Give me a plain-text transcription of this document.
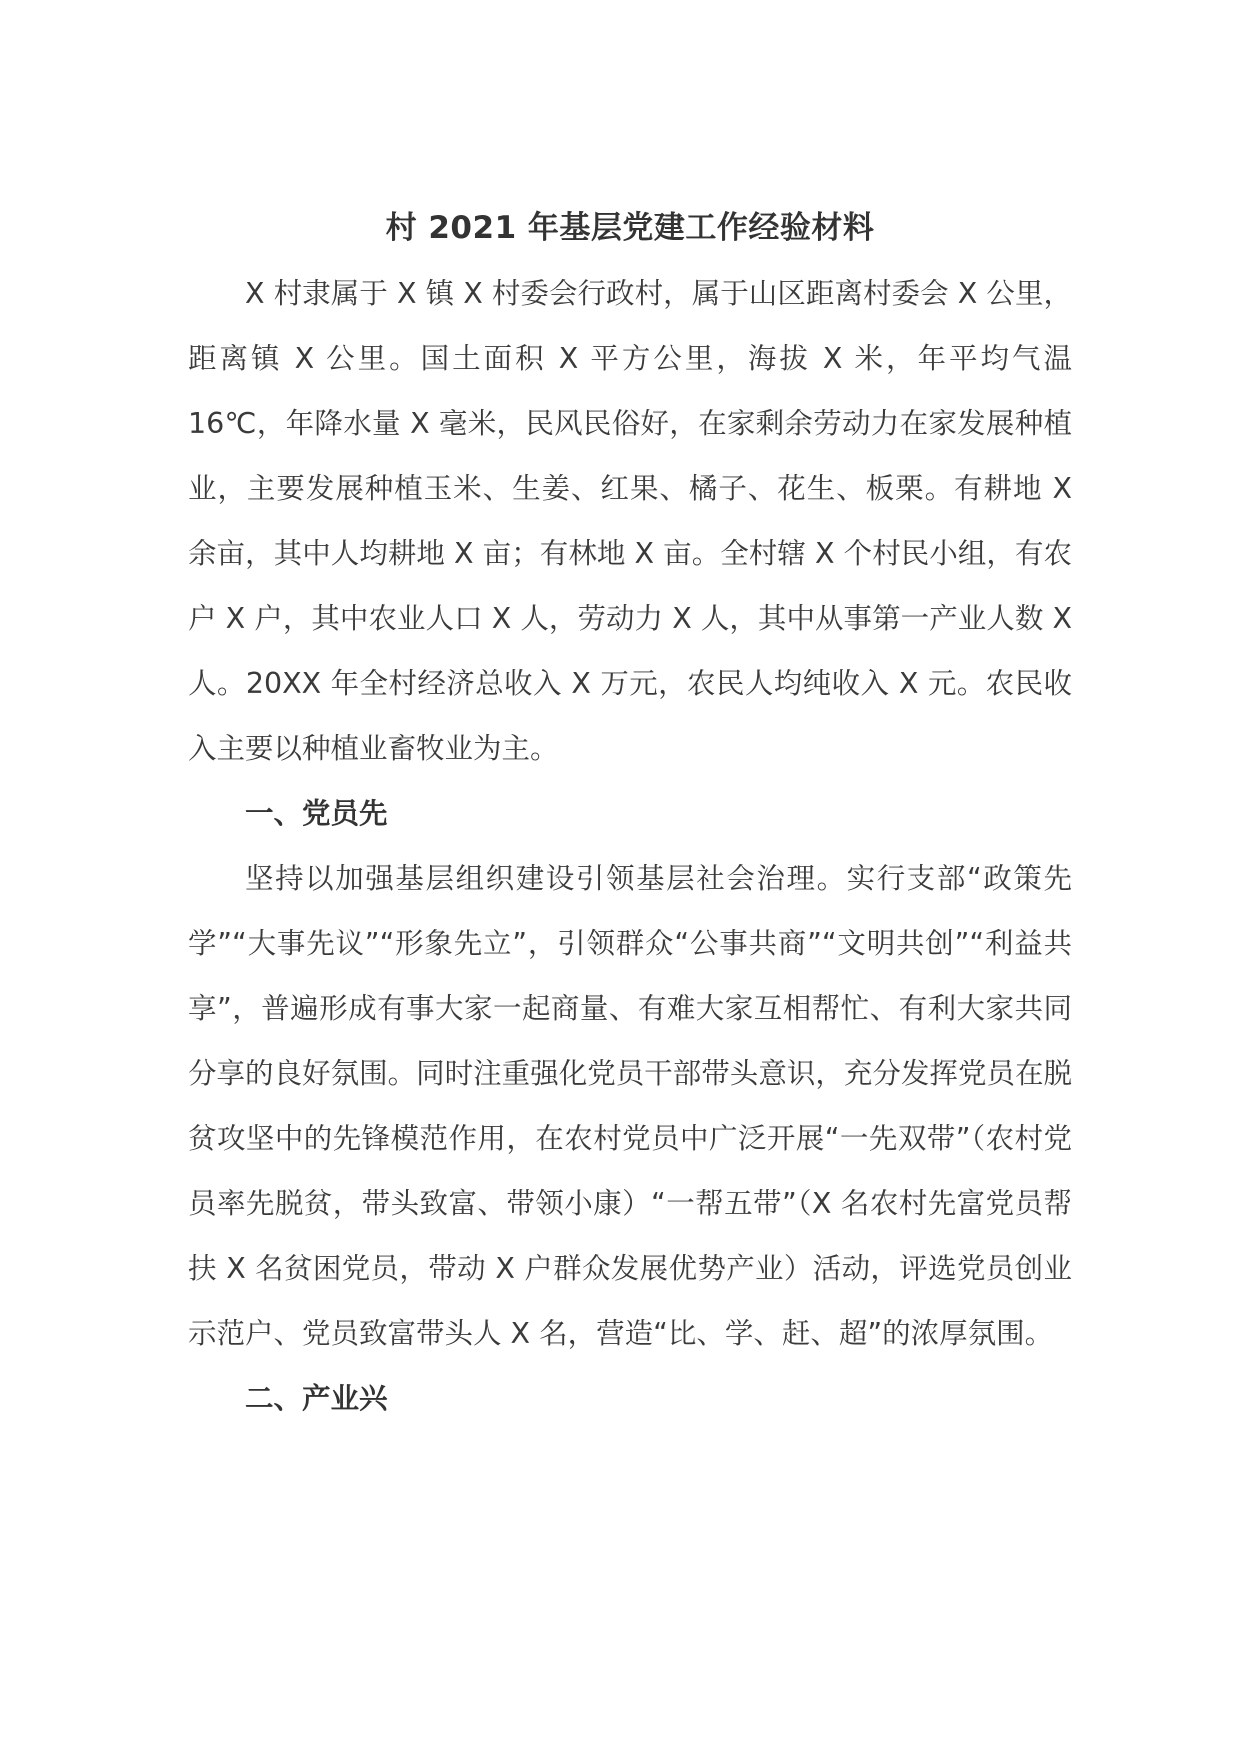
村 2021 年基层党建工作经验材料

X 村隶属于 X 镇 X 村委会行政村，属于山区距离村委会 X 公里，距离镇 X 公里。国土面积 X 平方公里，海拔 X 米，年平均气温 16℃，年降水量 X 毫米，民风民俗好，在家剩余劳动力在家发展种植业，主要发展种植玉米、生姜、红果、橘子、花生、板栗。有耕地 X 余亩，其中人均耕地 X 亩；有林地 X 亩。全村辖 X 个村民小组，有农户 X 户，其中农业人口 X 人，劳动力 X 人，其中从事第一产业人数 X 人。20XX 年全村经济总收入 X 万元，农民人均纯收入 X 元。农民收入主要以种植业畜牧业为主。

一、党员先

坚持以加强基层组织建设引领基层社会治理。实行支部“政策先学”“大事先议”“形象先立”，引领群众“公事共商”“文明共创”“利益共享”，普遍形成有事大家一起商量、有难大家互相帮忙、有利大家共同分享的良好氛围。同时注重强化党员干部带头意识，充分发挥党员在脱贫攻坚中的先锋模范作用，在农村党员中广泛开展“一先双带”（农村党员率先脱贫，带头致富、带领小康）“一帮五带”（X 名农村先富党员帮扶 X 名贫困党员，带动 X 户群众发展优势产业）活动，评选党员创业示范户、党员致富带头人 X 名，营造“比、学、赶、超”的浓厚氛围。

二、产业兴
